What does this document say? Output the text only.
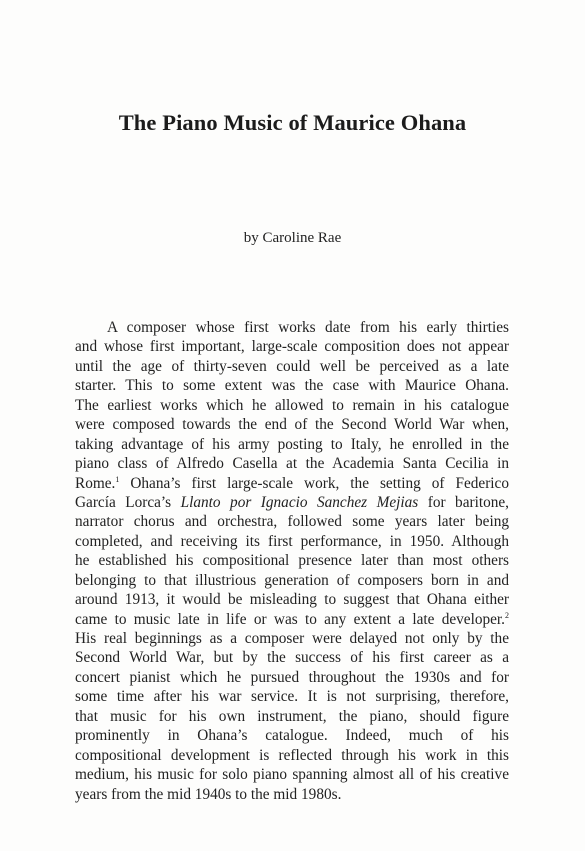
The Piano Music of Maurice Ohana

by Caroline Rae

A composer whose first works date from his early thirties
and whose first important, large-scale composition does not appear
until the age of thirty-seven could well be perceived as a late
starter. This to some extent was the case with Maurice Ohana.
The earliest works which he allowed to remain in his catalogue
were composed towards the end of the Second World War when,
taking advantage of his army posting to Italy, he enrolled in the
piano class of Alfredo Casella at the Academia Santa Cecilia in
Rome.$^1$ Ohana’s first large-scale work, the setting of Federico
García Lorca’s Llanto por Ignacio Sanchez Mejias for baritone,
narrator chorus and orchestra, followed some years later being
completed, and receiving its first performance, in 1950. Although
he established his compositional presence later than most others
belonging to that illustrious generation of composers born in and
around 1913, it would be misleading to suggest that Ohana either
came to music late in life or was to any extent a late developer.$^2$
His real beginnings as a composer were delayed not only by the
Second World War, but by the success of his first career as a
concert pianist which he pursued throughout the 1930s and for
some time after his war service. It is not surprising, therefore,
that music for his own instrument, the piano, should figure
prominently in Ohana’s catalogue. Indeed, much of his
compositional development is reflected through his work in this
medium, his music for solo piano spanning almost all of his creative
years from the mid 1940s to the mid 1980s.
